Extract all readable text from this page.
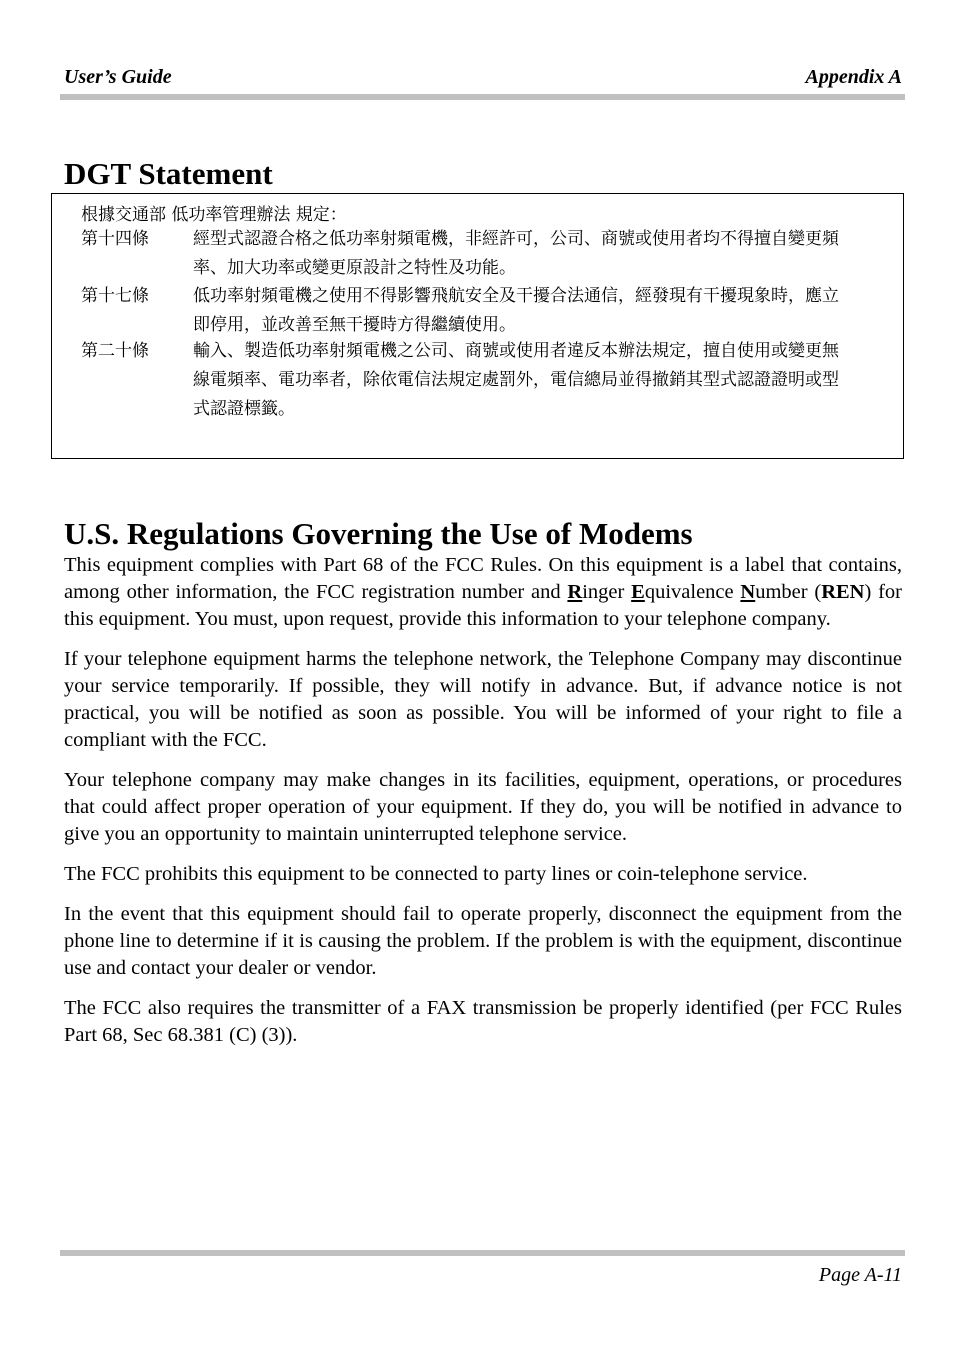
User’s Guide	Appendix A
DGT Statement
根據交通部 低功率管理辦法 規定：
第十四條	經型式認證合格之低功率射頻電機，非經許可，公司、商號或使用者均不得擅自變更頻率、加大功率或變更原設計之特性及功能。
第十七條	低功率射頻電機之使用不得影響飛航安全及干擾合法通信，經發現有干擾現象時，應立即停用，並改善至無干擾時方得繼續使用。
第二十條	輸入、製造低功率射頻電機之公司、商號或使用者違反本辦法規定，擅自使用或變更無線電頻率、電功率者，除依電信法規定處罰外，電信總局並得撤銷其型式認證證明或型式認證標籤。
U.S. Regulations Governing the Use of Modems

This equipment complies with Part 68 of the FCC Rules. On this equipment is a label that contains, among other information, the FCC registration number and Ringer Equivalence Number (REN) for this equipment. You must, upon request, provide this information to your telephone company.

If your telephone equipment harms the telephone network, the Telephone Company may discontinue your service temporarily. If possible, they will notify in advance. But, if advance notice is not practical, you will be notified as soon as possible. You will be informed of your right to file a compliant with the FCC.

Your telephone company may make changes in its facilities, equipment, operations, or procedures that could affect proper operation of your equipment. If they do, you will be notified in advance to give you an opportunity to maintain uninterrupted telephone service.

The FCC prohibits this equipment to be connected to party lines or coin-telephone service.

In the event that this equipment should fail to operate properly, disconnect the equipment from the phone line to determine if it is causing the problem. If the problem is with the equipment, discontinue use and contact your dealer or vendor.

The FCC also requires the transmitter of a FAX transmission be properly identified (per FCC Rules Part 68, Sec 68.381 (C) (3)).

Page A-11
